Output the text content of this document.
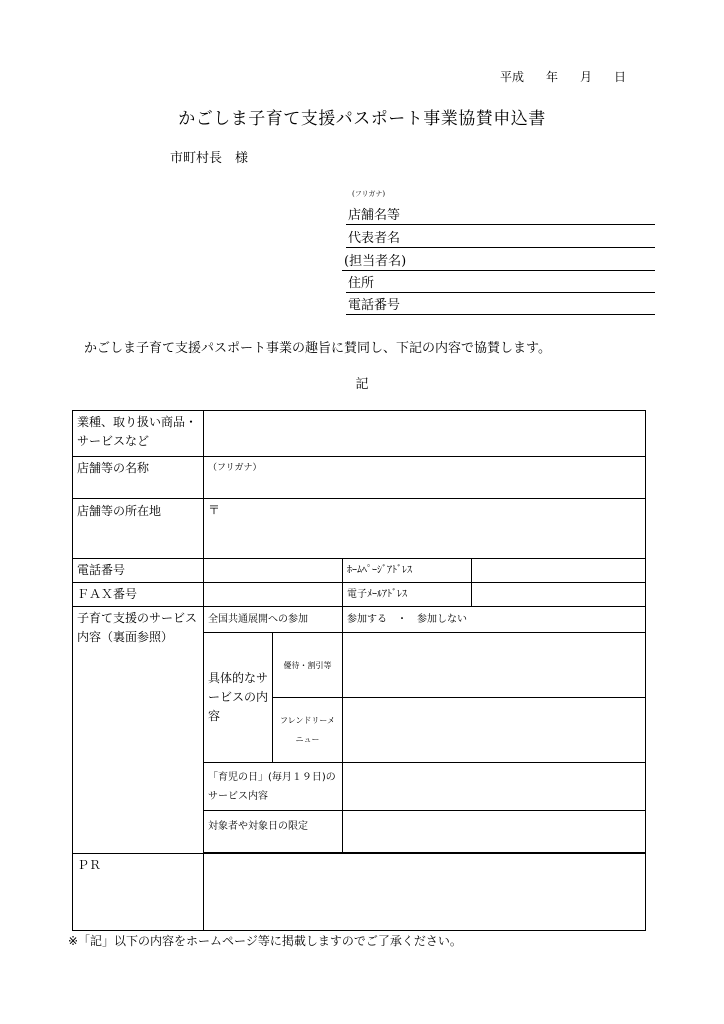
平成 年 月 日
かごしま子育て支援パスポート事業協賛申込書
市町村長　様
(フリガナ)
店舗名等
代表者名
(担当者名)
住所
電話番号
かごしま子育て支援パスポート事業の趣旨に賛同し、下記の内容で協賛します。
記
業種、取り扱い商品・サービスなど				
店舗等の名称	（フリガナ）			
店舗等の所在地	〒			
電話番号			ﾎｰﾑﾍﾟｰｼﾞｱﾄﾞﾚｽ	
ＦＡＸ番号			電子ﾒｰﾙｱﾄﾞﾚｽ	
子育て支援のサービス内容（裏面参照）	全国共通展開への参加		参加する　・　参加しない	
	具体的なサービスの内容	優待・割引等		
		フレンドリーメニュー		
	「育児の日」(毎月１９日)のサービス内容			
	対象者や対象日の限定			

ＰＲ				
※「記」以下の内容をホームページ等に掲載しますのでご了承ください。
